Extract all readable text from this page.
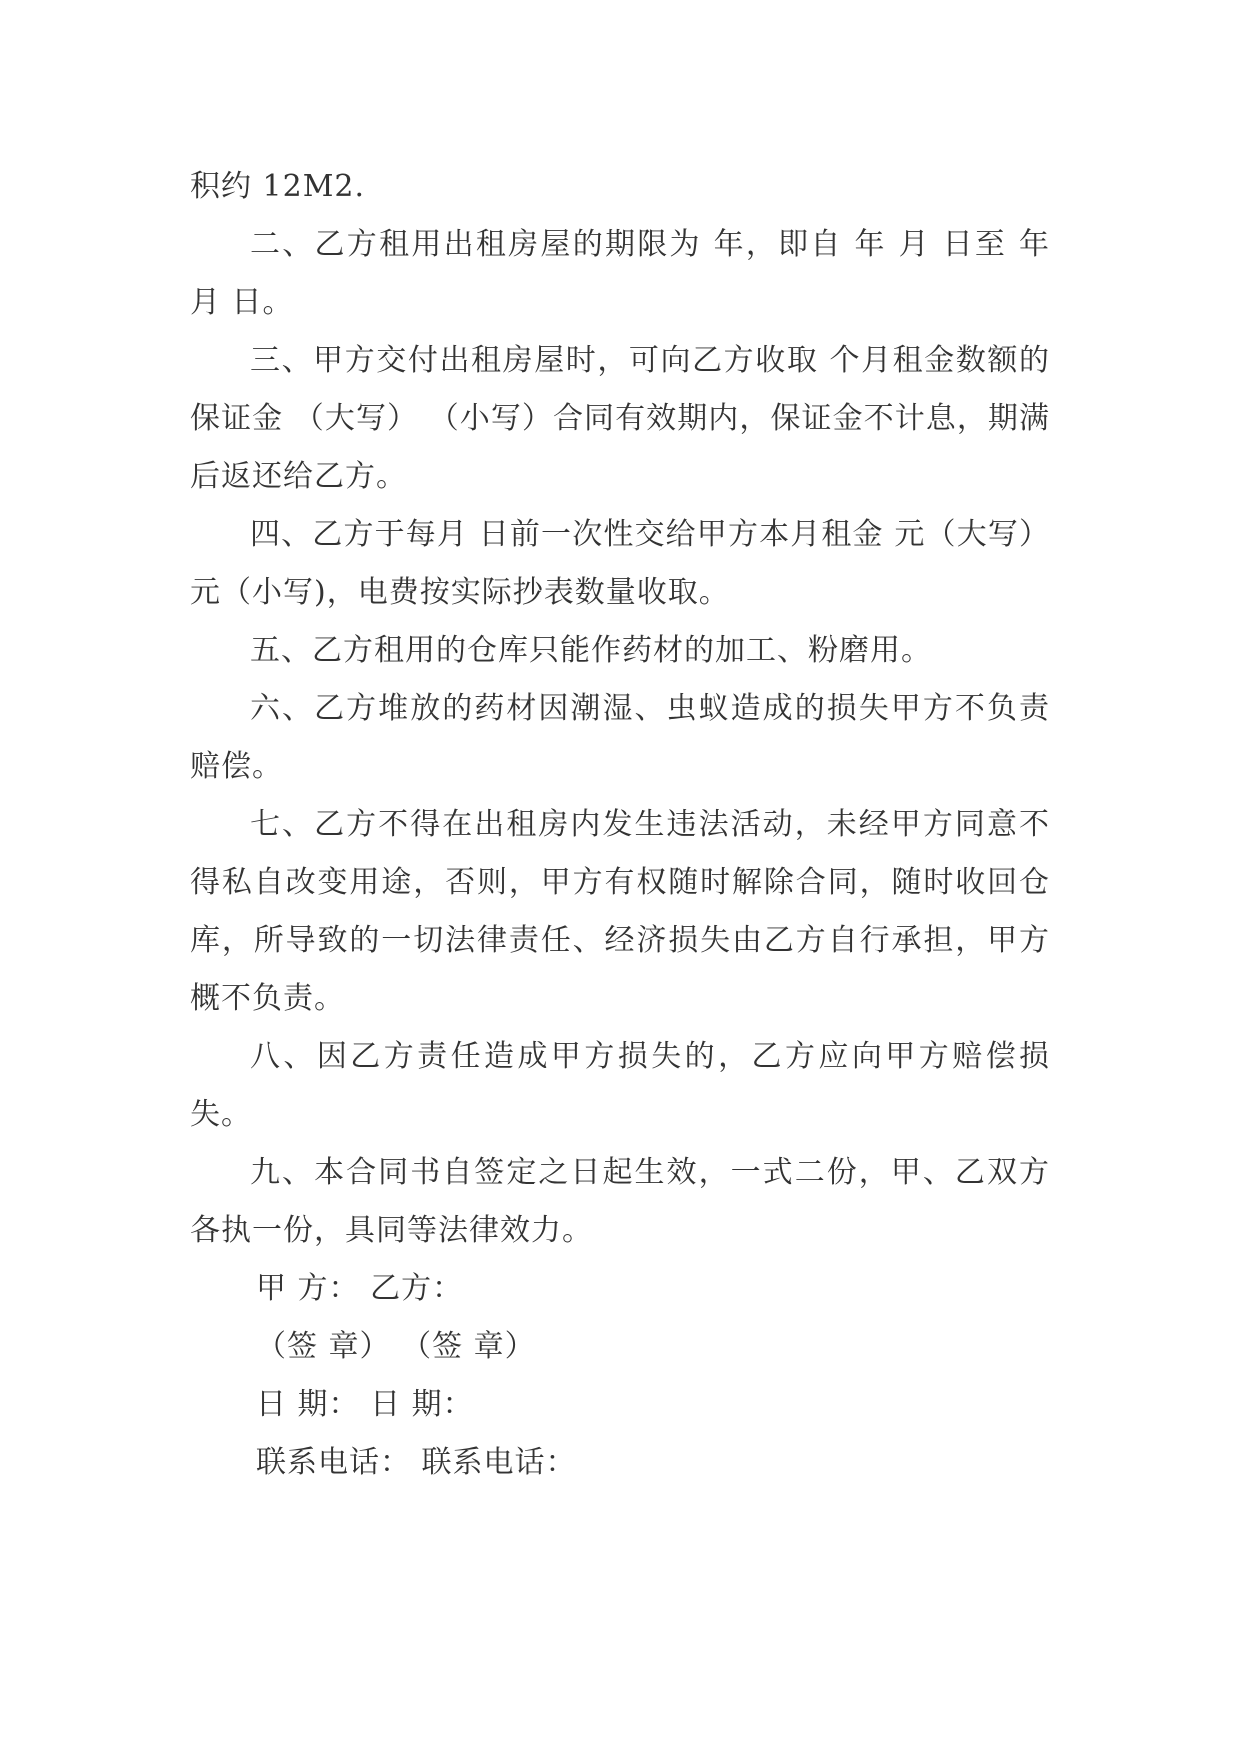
积约 12M2.

二、乙方租用出租房屋的期限为 年，即自 年 月 日至 年 月 日。

三、甲方交付出租房屋时，可向乙方收取 个月租金数额的保证金 （大写） （小写）合同有效期内，保证金不计息，期满后返还给乙方。

四、乙方于每月 日前一次性交给甲方本月租金 元（大写）元（小写)，电费按实际抄表数量收取。

五、乙方租用的仓库只能作药材的加工、粉磨用。

六、乙方堆放的药材因潮湿、虫蚁造成的损失甲方不负责赔偿。

七、乙方不得在出租房内发生违法活动，未经甲方同意不得私自改变用途，否则，甲方有权随时解除合同，随时收回仓库，所导致的一切法律责任、经济损失由乙方自行承担，甲方概不负责。

八、因乙方责任造成甲方损失的，乙方应向甲方赔偿损失。

九、本合同书自签定之日起生效，一式二份，甲、乙双方各执一份，具同等法律效力。

甲 方： 乙方：

（签 章） （签 章）

日 期： 日 期：

联系电话： 联系电话：
